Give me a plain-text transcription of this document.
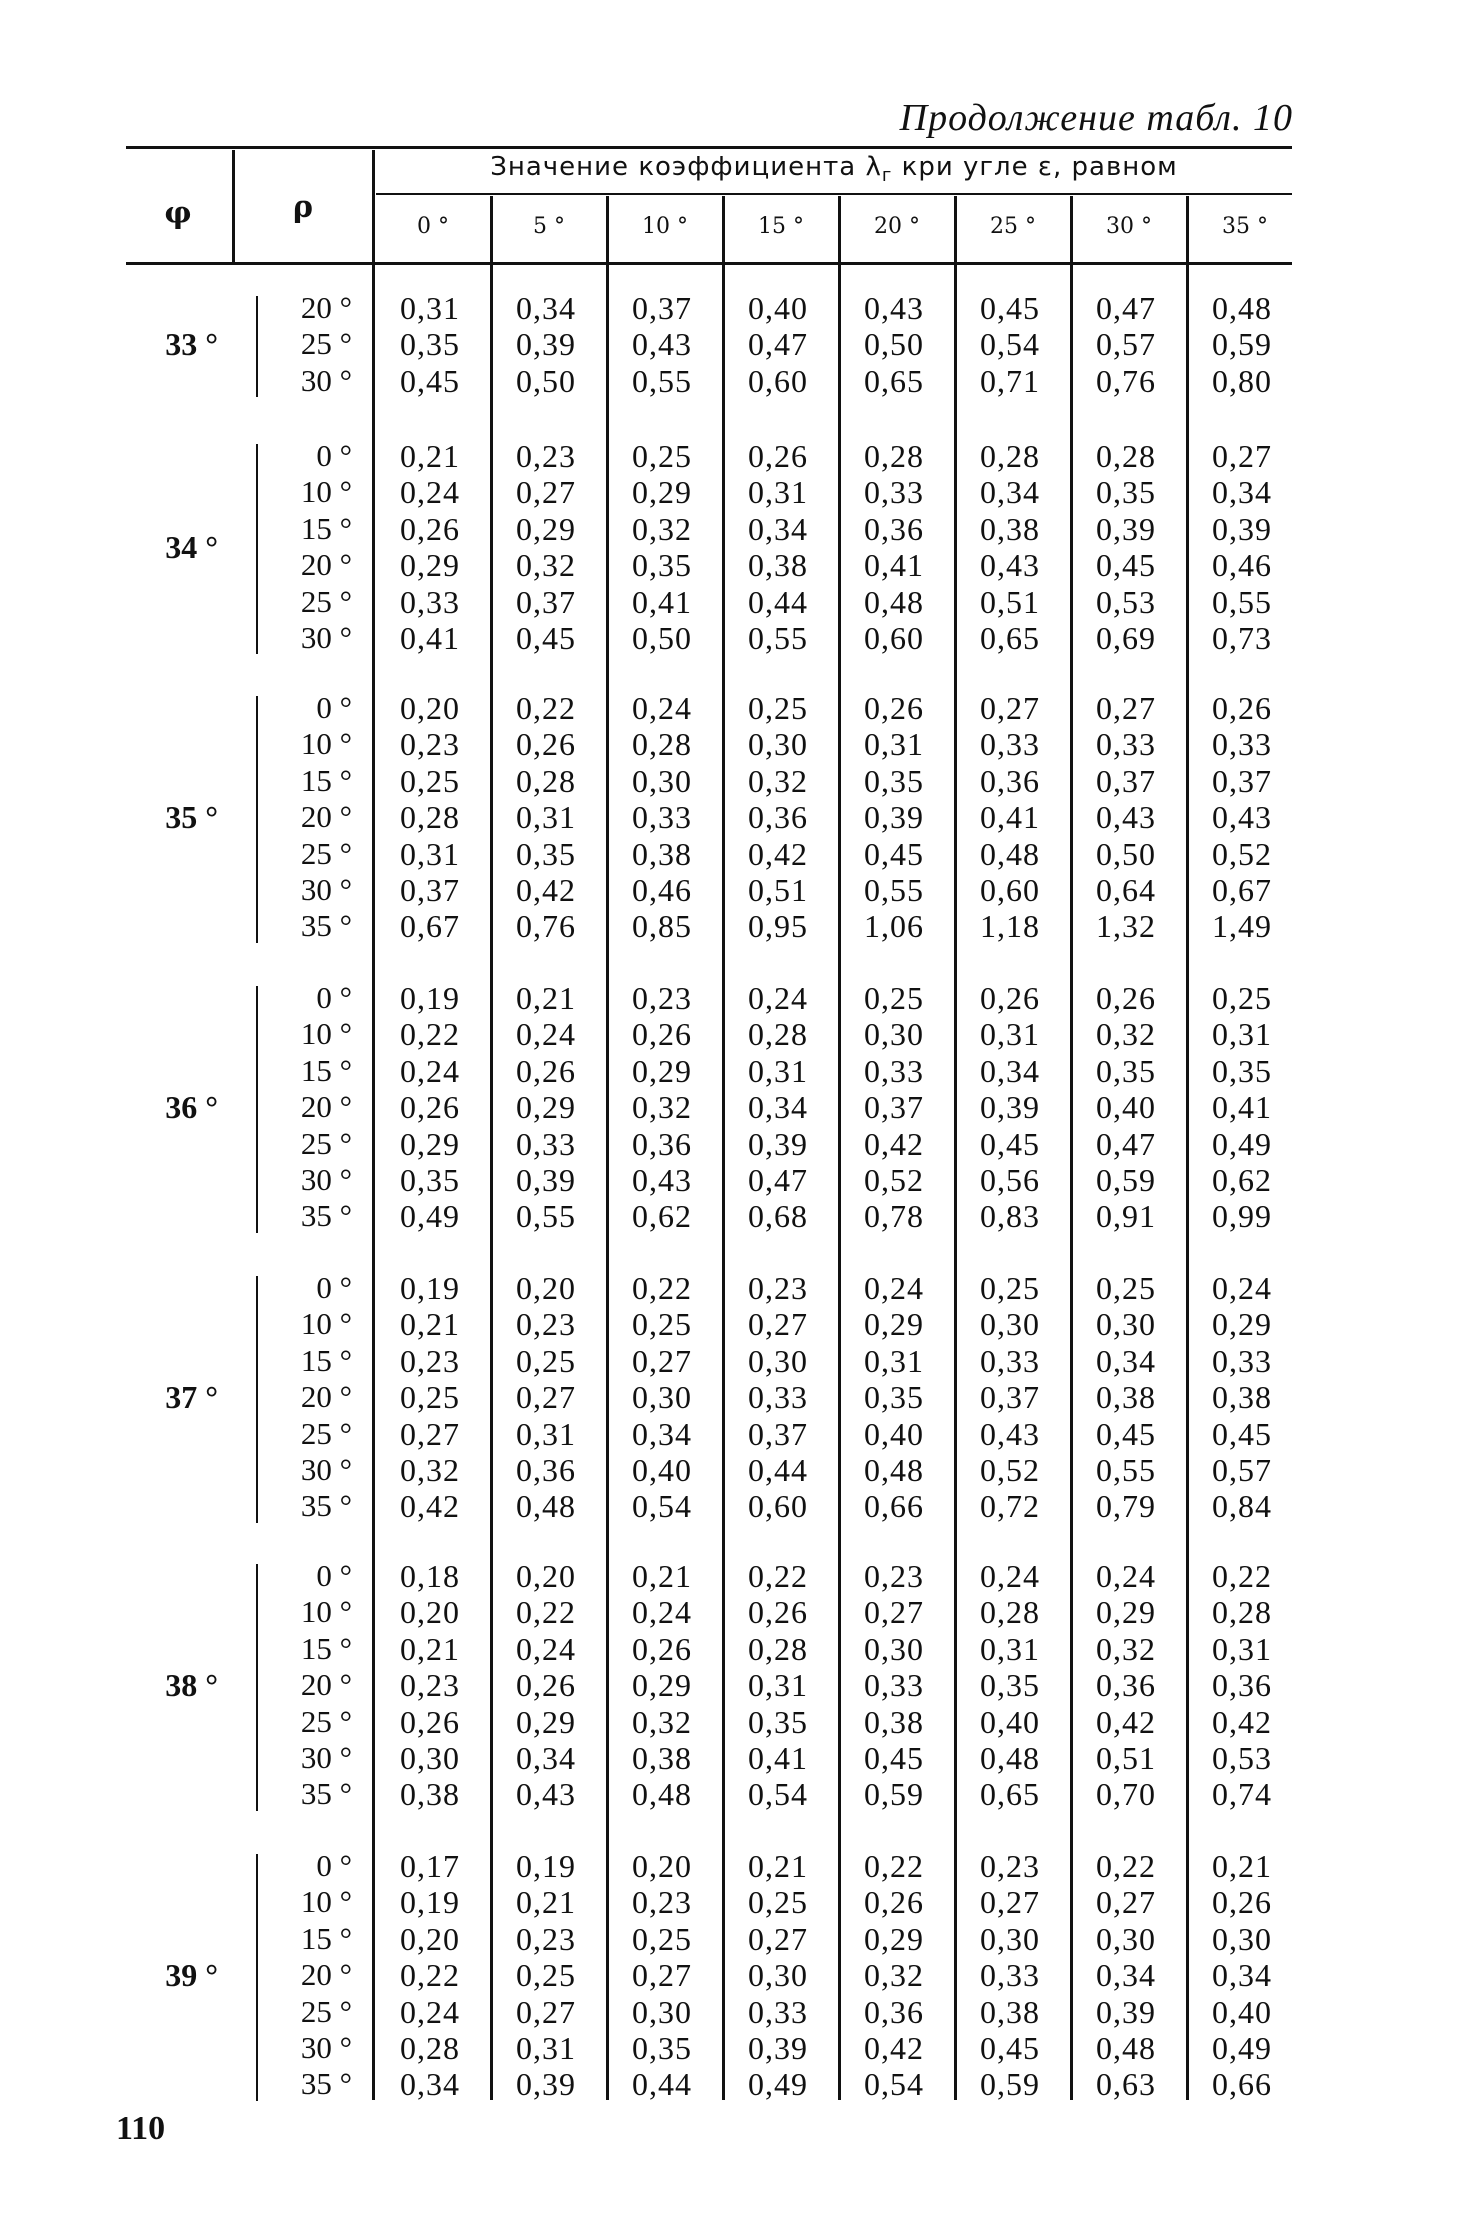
Продолжение табл. 10
φ	ρ
Значение коэффициента $\lambda_г$ кри угле ε, равном
0 °	5 °	10 °	15 °	20 °	25 °	30 °	35 °
33 °
20 °	0,31	0,34	0,37	0,40	0,43	0,45	0,47	0,48
25 °	0,35	0,39	0,43	0,47	0,50	0,54	0,57	0,59
30 °	0,45	0,50	0,55	0,60	0,65	0,71	0,76	0,80
34 °
0 °	0,21	0,23	0,25	0,26	0,28	0,28	0,28	0,27
10 °	0,24	0,27	0,29	0,31	0,33	0,34	0,35	0,34
15 °	0,26	0,29	0,32	0,34	0,36	0,38	0,39	0,39
20 °	0,29	0,32	0,35	0,38	0,41	0,43	0,45	0,46
25 °	0,33	0,37	0,41	0,44	0,48	0,51	0,53	0,55
30 °	0,41	0,45	0,50	0,55	0,60	0,65	0,69	0,73
35 °
0 °	0,20	0,22	0,24	0,25	0,26	0,27	0,27	0,26
10 °	0,23	0,26	0,28	0,30	0,31	0,33	0,33	0,33
15 °	0,25	0,28	0,30	0,32	0,35	0,36	0,37	0,37
20 °	0,28	0,31	0,33	0,36	0,39	0,41	0,43	0,43
25 °	0,31	0,35	0,38	0,42	0,45	0,48	0,50	0,52
30 °	0,37	0,42	0,46	0,51	0,55	0,60	0,64	0,67
35 °	0,67	0,76	0,85	0,95	1,06	1,18	1,32	1,49
36 °
0 °	0,19	0,21	0,23	0,24	0,25	0,26	0,26	0,25
10 °	0,22	0,24	0,26	0,28	0,30	0,31	0,32	0,31
15 °	0,24	0,26	0,29	0,31	0,33	0,34	0,35	0,35
20 °	0,26	0,29	0,32	0,34	0,37	0,39	0,40	0,41
25 °	0,29	0,33	0,36	0,39	0,42	0,45	0,47	0,49
30 °	0,35	0,39	0,43	0,47	0,52	0,56	0,59	0,62
35 °	0,49	0,55	0,62	0,68	0,78	0,83	0,91	0,99
37 °
0 °	0,19	0,20	0,22	0,23	0,24	0,25	0,25	0,24
10 °	0,21	0,23	0,25	0,27	0,29	0,30	0,30	0,29
15 °	0,23	0,25	0,27	0,30	0,31	0,33	0,34	0,33
20 °	0,25	0,27	0,30	0,33	0,35	0,37	0,38	0,38
25 °	0,27	0,31	0,34	0,37	0,40	0,43	0,45	0,45
30 °	0,32	0,36	0,40	0,44	0,48	0,52	0,55	0,57
35 °	0,42	0,48	0,54	0,60	0,66	0,72	0,79	0,84
38 °
0 °	0,18	0,20	0,21	0,22	0,23	0,24	0,24	0,22
10 °	0,20	0,22	0,24	0,26	0,27	0,28	0,29	0,28
15 °	0,21	0,24	0,26	0,28	0,30	0,31	0,32	0,31
20 °	0,23	0,26	0,29	0,31	0,33	0,35	0,36	0,36
25 °	0,26	0,29	0,32	0,35	0,38	0,40	0,42	0,42
30 °	0,30	0,34	0,38	0,41	0,45	0,48	0,51	0,53
35 °	0,38	0,43	0,48	0,54	0,59	0,65	0,70	0,74
39 °
0 °	0,17	0,19	0,20	0,21	0,22	0,23	0,22	0,21
10 °	0,19	0,21	0,23	0,25	0,26	0,27	0,27	0,26
15 °	0,20	0,23	0,25	0,27	0,29	0,30	0,30	0,30
20 °	0,22	0,25	0,27	0,30	0,32	0,33	0,34	0,34
25 °	0,24	0,27	0,30	0,33	0,36	0,38	0,39	0,40
30 °	0,28	0,31	0,35	0,39	0,42	0,45	0,48	0,49
35 °	0,34	0,39	0,44	0,49	0,54	0,59	0,63	0,66
110
